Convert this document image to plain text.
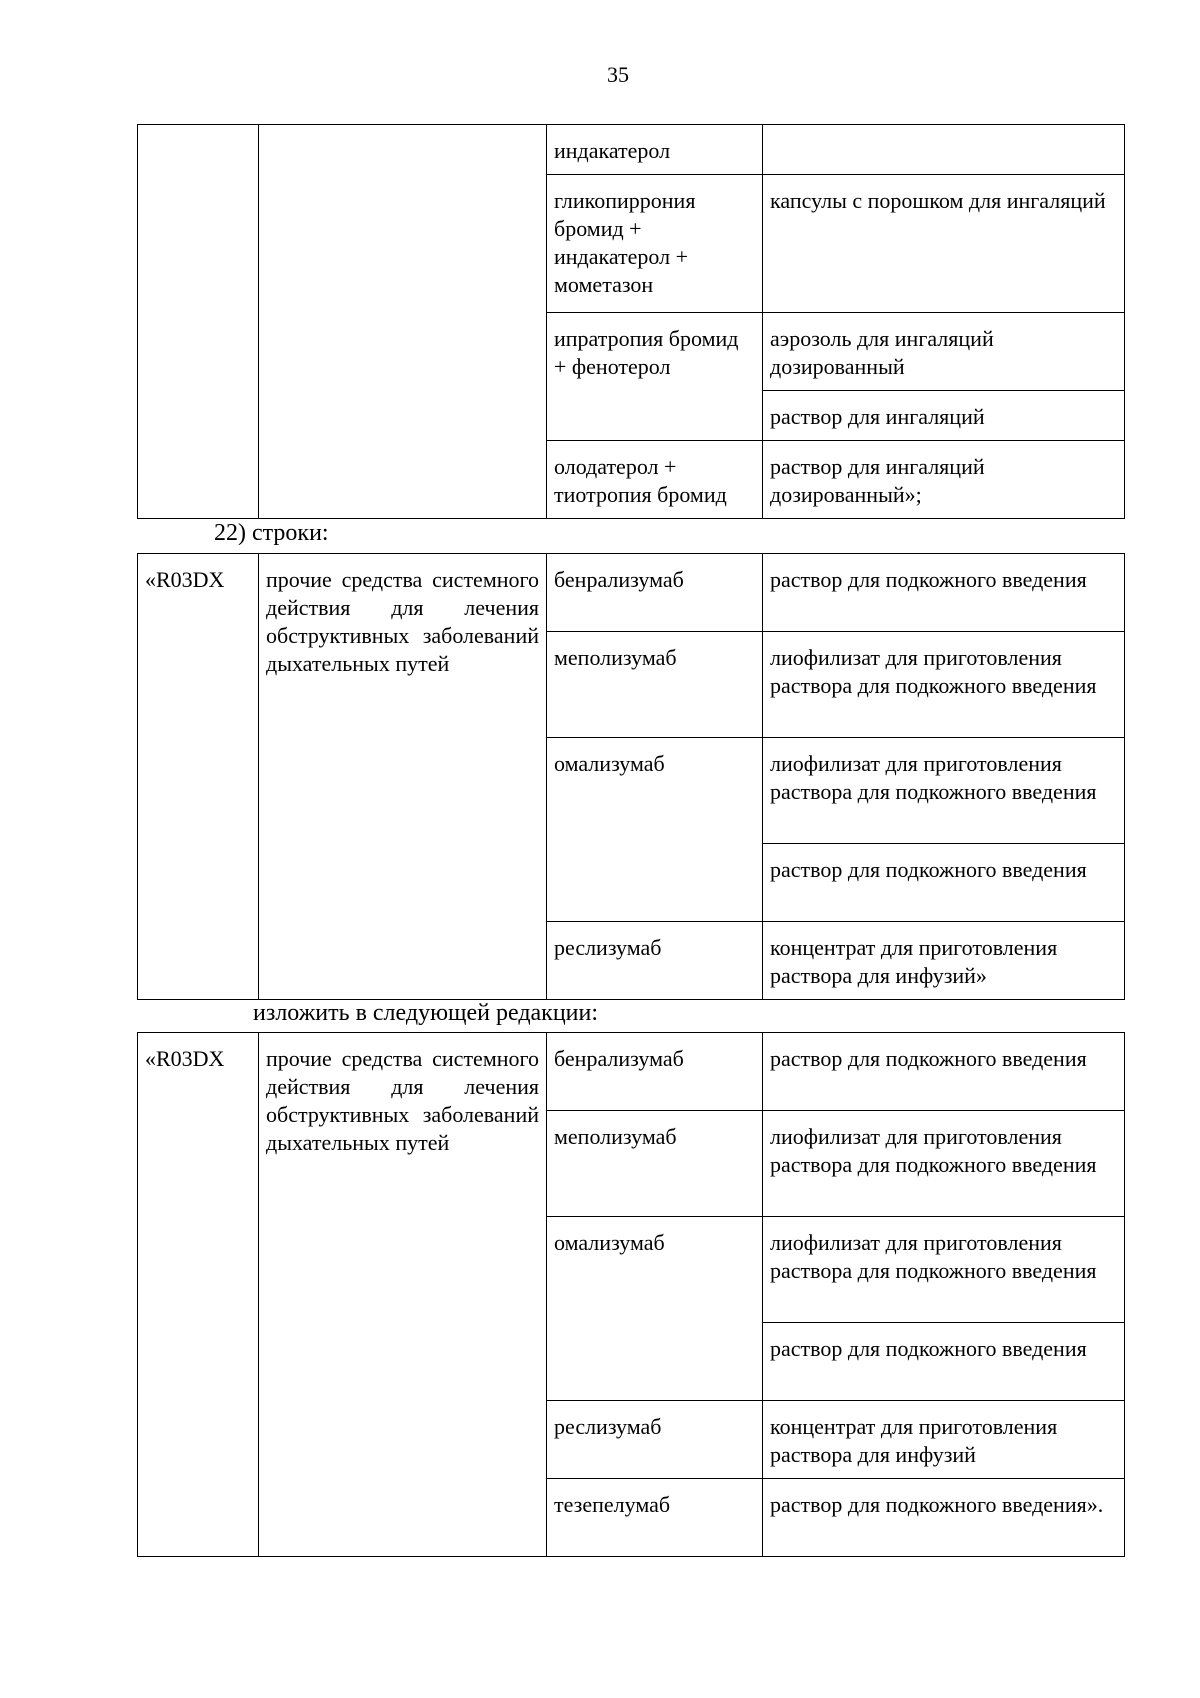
35
		индакатерол	
		гликопиррония бромид + индакатерол + мометазон	капсулы с порошком для ингаляций
		ипратропия бромид + фенотерол	аэрозоль для ингаляций дозированный
			раствор для ингаляций
		олодатерол + тиотропия бромид	раствор для ингаляций дозированный»;
22) строки:
«R03DX	прочие средства системного действия для лечения обструктивных заболеваний дыхательных путей	бенрализумаб	раствор для подкожного введения
		меполизумаб	лиофилизат для приготовления раствора для подкожного введения
		омализумаб	лиофилизат для приготовления раствора для подкожного введения
			раствор для подкожного введения
		реслизумаб	концентрат для приготовления раствора для инфузий»
изложить в следующей редакции:
«R03DX	прочие средства системного действия для лечения обструктивных заболеваний дыхательных путей	бенрализумаб	раствор для подкожного введения
		меполизумаб	лиофилизат для приготовления раствора для подкожного введения
		омализумаб	лиофилизат для приготовления раствора для подкожного введения
			раствор для подкожного введения
		реслизумаб	концентрат для приготовления раствора для инфузий
		тезепелумаб	раствор для подкожного введения».
